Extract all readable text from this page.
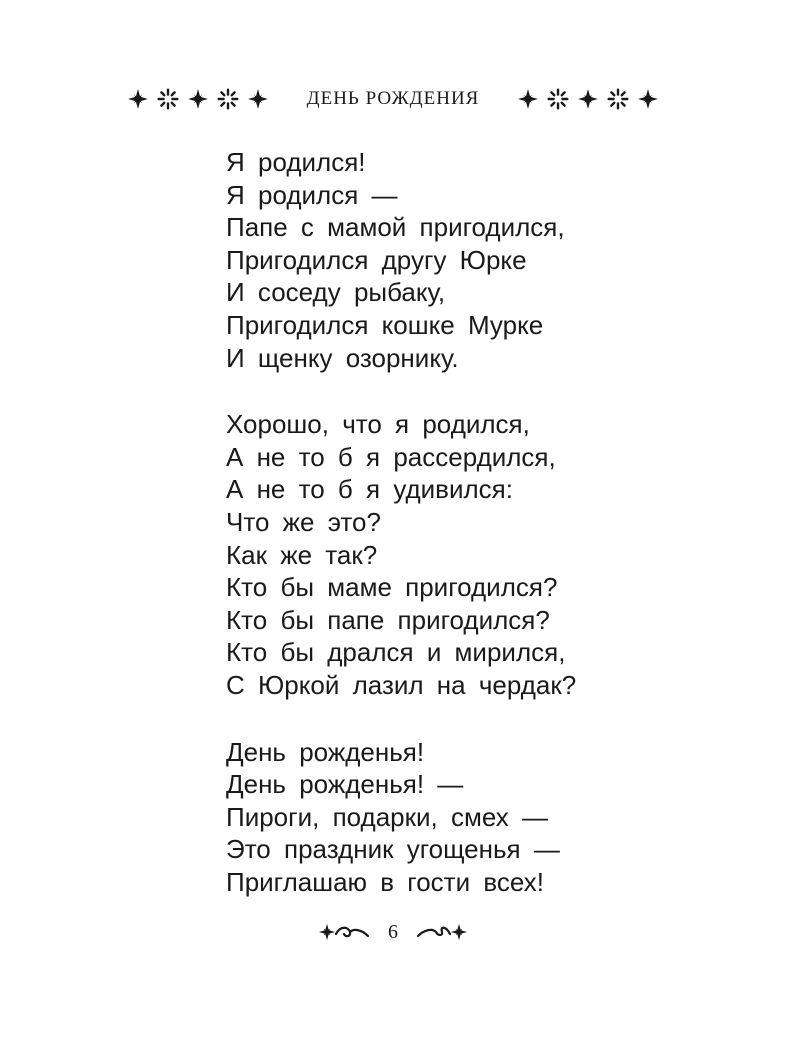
ДЕНЬ РОЖДЕНИЯ
Я родился!
Я родился —
Папе с мамой пригодился,
Пригодился другу Юрке
И соседу рыбаку,
Пригодился кошке Мурке
И щенку озорнику.
Хорошо, что я родился,
А не то б я рассердился,
А не то б я удивился:
Что же это?
Как же так?
Кто бы маме пригодился?
Кто бы папе пригодился?
Кто бы дрался и мирился,
С Юркой лазил на чердак?
День рожденья!
День рожденья! —
Пироги, подарки, смех —
Это праздник угощенья —
Приглашаю в гости всех!
6
